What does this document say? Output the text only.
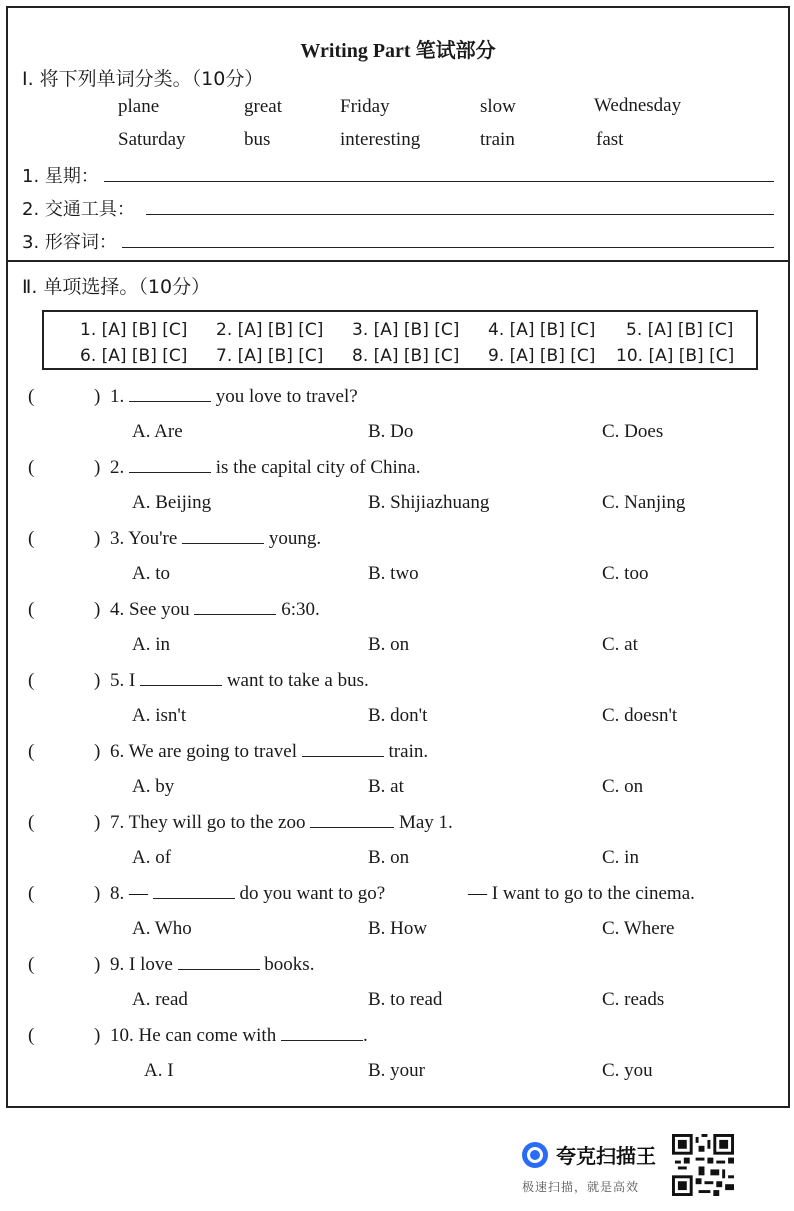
Writing Part 笔试部分
Ⅰ. 将下列单词分类。（10分）
plane	great	Friday	slow	Wednesday
Saturday	bus	interesting	train	fast
1. 星期：
2. 交通工具：
3. 形容词：
Ⅱ. 单项选择。（10分）
1. [A] [B] [C] 2. [A] [B] [C] 3. [A] [B] [C] 4. [A] [B] [C] 5. [A] [B] [C]
6. [A] [B] [C] 7. [A] [B] [C] 8. [A] [B] [C] 9. [A] [B] [C] 10. [A] [B] [C]
(	) 1.	you love to travel?
A. Are	B. Do	C. Does
(	) 2.	is the capital city of China.
A. Beijing	B. Shijiazhuang	C. Nanjing
(	) 3. You're	young.
A. to	B. two	C. too
(	) 4. See you	6:30.
A. in	B. on	C. at
(	) 5. I	want to take a bus.
A. isn't	B. don't	C. doesn't
(	) 6. We are going to travel	train.
A. by	B. at	C. on
(	) 7. They will go to the zoo	May 1.
A. of	B. on	C. in
(	) 8. —	do you want to go?	— I want to go to the cinema.
A. Who	B. How	C. Where
(	) 9. I love	books.
A. read	B. to read	C. reads
(	) 10. He can come with	.
A. I	B. your	C. you
夸克扫描王
极速扫描，就是高效
